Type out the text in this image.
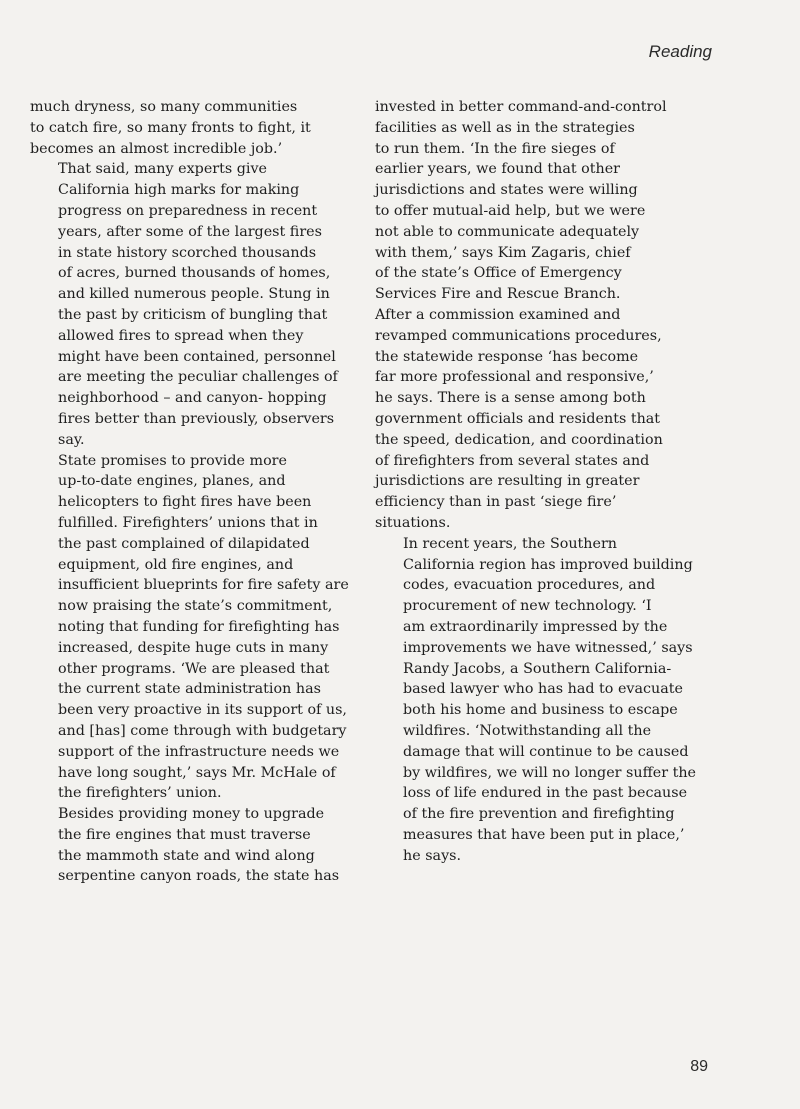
Reading

much dryness, so many communities
to catch fire, so many fronts to fight, it
becomes an almost incredible job.’

That said, many experts give
California high marks for making
progress on preparedness in recent
years, after some of the largest fires
in state history scorched thousands
of acres, burned thousands of homes,
and killed numerous people. Stung in
the past by criticism of bungling that
allowed fires to spread when they
might have been contained, personnel
are meeting the peculiar challenges of
neighborhood – and canyon- hopping
fires better than previously, observers
say.

State promises to provide more
up-to-date engines, planes, and
helicopters to fight fires have been
fulfilled. Firefighters’ unions that in
the past complained of dilapidated
equipment, old fire engines, and
insufficient blueprints for fire safety are
now praising the state’s commitment,
noting that funding for firefighting has
increased, despite huge cuts in many
other programs. ‘We are pleased that
the current state administration has
been very proactive in its support of us,
and [has] come through with budgetary
support of the infrastructure needs we
have long sought,’ says Mr. McHale of
the firefighters’ union.

Besides providing money to upgrade
the fire engines that must traverse
the mammoth state and wind along
serpentine canyon roads, the state has

invested in better command-and-control
facilities as well as in the strategies
to run them. ‘In the fire sieges of
earlier years, we found that other
jurisdictions and states were willing
to offer mutual-aid help, but we were
not able to communicate adequately
with them,’ says Kim Zagaris, chief
of the state’s Office of Emergency
Services Fire and Rescue Branch.
After a commission examined and
revamped communications procedures,
the statewide response ‘has become
far more professional and responsive,’
he says. There is a sense among both
government officials and residents that
the speed, dedication, and coordination
of firefighters from several states and
jurisdictions are resulting in greater
efficiency than in past ‘siege fire’
situations.

In recent years, the Southern
California region has improved building
codes, evacuation procedures, and
procurement of new technology. ‘I
am extraordinarily impressed by the
improvements we have witnessed,’ says
Randy Jacobs, a Southern California-
based lawyer who has had to evacuate
both his home and business to escape
wildfires. ‘Notwithstanding all the
damage that will continue to be caused
by wildfires, we will no longer suffer the
loss of life endured in the past because
of the fire prevention and firefighting
measures that have been put in place,’
he says.

89
